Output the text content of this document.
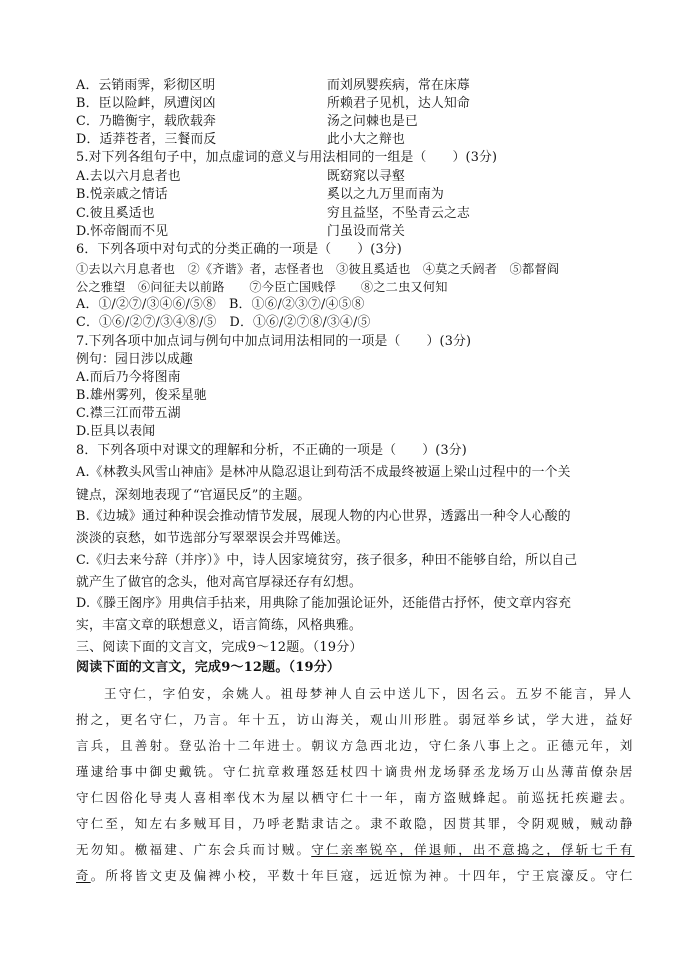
A．云销雨霁，彩彻区明	而刘夙婴疾病，常在床蓐
B．臣以险衅，夙遭闵凶	所赖君子见机，达人知命
C．乃瞻衡宇，载欣载奔	汤之问棘也是已
D．适莽苍者，三餐而反	此小大之辩也
5.对下列各组句子中，加点虚词的意义与用法相同的一组是（　　）(3分)
A.去以六月息者也	既窈窕以寻壑
B.悦亲戚之情话	奚以之九万里而南为
C.彼且奚适也	穷且益坚，不坠青云之志
D.怀帝阍而不见	门虽设而常关
6．下列各项中对句式的分类正确的一项是（　　）(3分)
①去以六月息者也　②《齐谐》者，志怪者也　③彼且奚适也　④莫之夭阏者　⑤都督阎
公之雅望　⑥问征夫以前路　　⑦今臣亡国贱俘　　⑧之二虫又何知
A．①/②⑦/③④⑥/⑤⑧　B．①⑥/②③⑦/④⑤⑧
C．①⑥/②⑦/③④⑧/⑤　D．①⑥/②⑦⑧/③④/⑤
7.下列各项中加点词与例句中加点词用法相同的一项是（　　）(3分)
例句：园日涉以成趣
A.而后乃今将图南
B.雄州雾列，俊采星驰
C.襟三江而带五湖
D.臣具以表闻
8．下列各项中对课文的理解和分析，不正确的一项是（　　）(3分)
A.《林教头风雪山神庙》是林冲从隐忍退让到苟活不成最终被逼上梁山过程中的一个关
键点，深刻地表现了“官逼民反”的主题。
B.《边城》通过种种误会推动情节发展，展现人物的内心世界，透露出一种令人心酸的
淡淡的哀愁，如节选部分写翠翠误会并骂傩送。
C.《归去来兮辞（并序）》中，诗人因家境贫穷，孩子很多，种田不能够自给，所以自己
就产生了做官的念头，他对高官厚禄还存有幻想。
D.《滕王阁序》用典信手拈来，用典除了能加强论证外，还能借古抒怀，使文章内容充
实，丰富文章的联想意义，语言简练，风格典雅。
三、阅读下面的文言文，完成9～12题。（19分）
阅读下面的文言文，完成9～12题。（19分）
王守仁，字伯安，余姚人。祖母梦神人自云中送儿下，因名云。五岁不能言，异人
拊之，更名守仁，乃言。年十五，访山海关，观山川形胜。弱冠举乡试，学大进，益好
言兵，且善射。登弘治十二年进士。朝议方急西北边，守仁条八事上之。正德元年，刘
瑾逮给事中御史戴铣。守仁抗章救瑾怒廷杖四十谪贵州龙场驿丞龙场万山丛薄苗僚杂居
守仁因俗化导夷人喜相率伐木为屋以栖守仁十一年，南方盗贼蜂起。前巡抚托疾避去。
守仁至，知左右多贼耳目，乃呼老黠隶诘之。隶不敢隐，因贳其罪，令阴观贼，贼动静
无勿知。檄福建、广东会兵而讨贼。守仁亲率锐卒，佯退师，出不意捣之，俘斩七千有
奇。所将皆文吏及偏裨小校，平数十年巨寇，远近惊为神。十四年，宁王宸濠反。守仁
